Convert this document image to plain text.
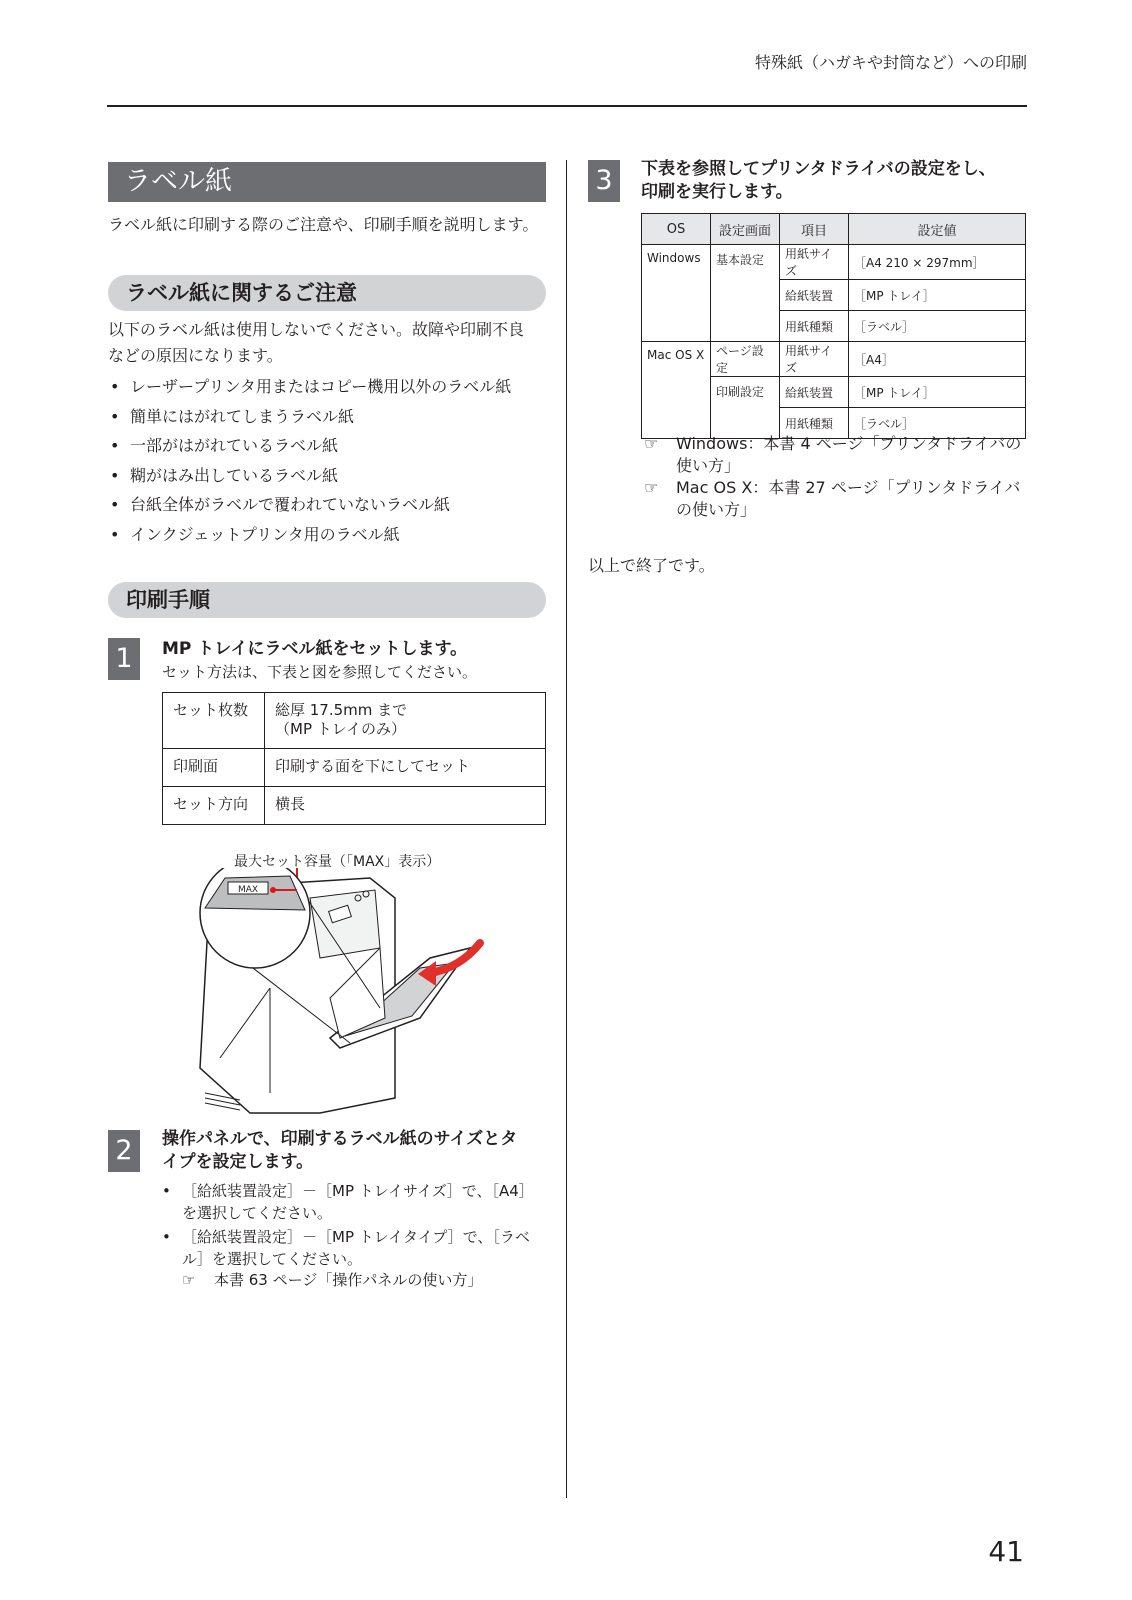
特殊紙（ハガキや封筒など）への印刷
ラベル紙
ラベル紙に印刷する際のご注意や、印刷手順を説明します。
ラベル紙に関するご注意
以下のラベル紙は使用しないでください。故障や印刷不良
などの原因になります。
• レーザープリンタ用またはコピー機用以外のラベル紙
• 簡単にはがれてしまうラベル紙
• 一部がはがれているラベル紙
• 糊がはみ出しているラベル紙
• 台紙全体がラベルで覆われていないラベル紙
• インクジェットプリンタ用のラベル紙
印刷手順
1	MP トレイにラベル紙をセットします。
セット方法は、下表と図を参照してください。
セット枚数	総厚 17.5mm まで
（MP トレイのみ）

印刷面	印刷する面を下にしてセット
セット方向	横長
最大セット容量（「MAX」表示）
MAX
2	操作パネルで、印刷するラベル紙のサイズとタ
イプを設定します。
• ［給紙装置設定］－［MP トレイサイズ］で、［A4］
を選択してください。
• ［給紙装置設定］－［MP トレイタイプ］で、［ラベ
ル］を選択してください。
☞ 本書 63 ページ「操作パネルの使い方」
3	下表を参照してプリンタドライバの設定をし、
印刷を実行します。
OS	設定画面	項目	設定値
Windows	基本設定	用紙サイズ	［A4 210 × 297mm］
		給紙装置	［MP トレイ］
		用紙種類	［ラベル］
Mac OS X	ページ設定	用紙サイズ	［A4］
	印刷設定	給紙装置	［MP トレイ］
		用紙種類	［ラベル］
☞ Windows：本書 4 ページ「プリンタドライバの
使い方」
☞ Mac OS X：本書 27 ページ「プリンタドライバ
の使い方」
以上で終了です。
41
